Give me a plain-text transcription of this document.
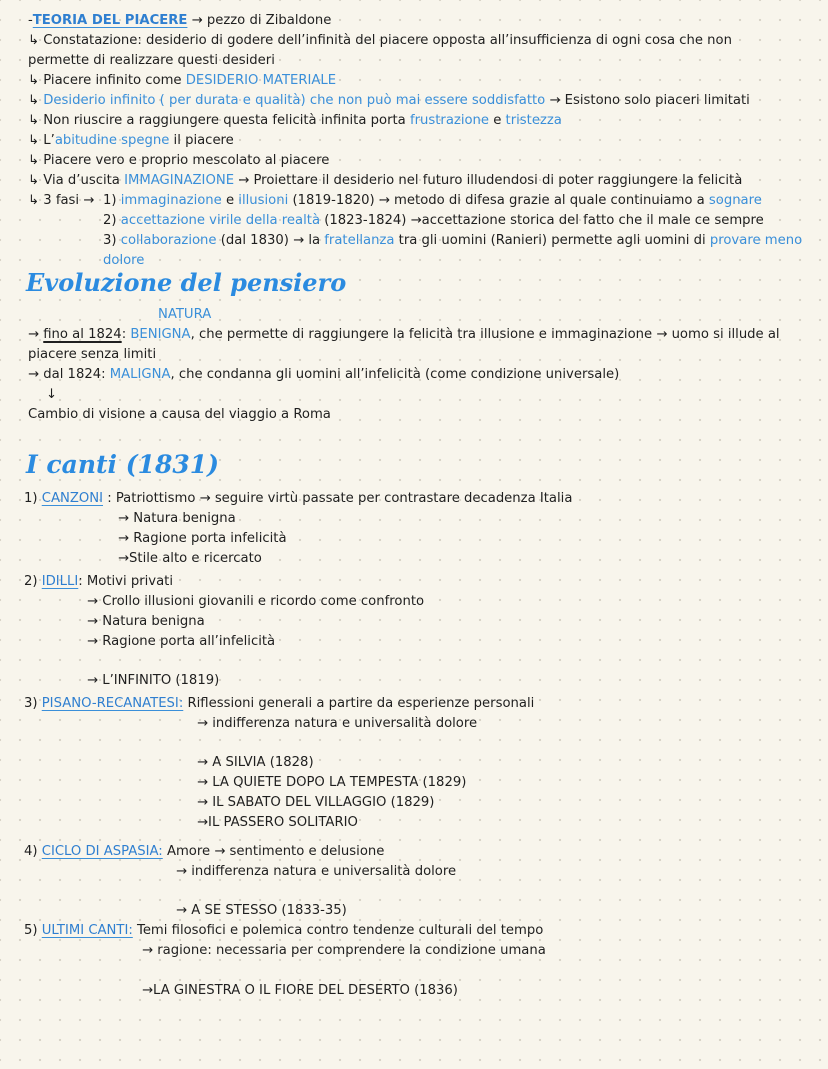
-TEORIA DEL PIACERE → pezzo di Zibaldone
↳ Constatazione: desiderio di godere dell’infinità del piacere opposta all’insufficienza di ogni cosa che non
permette di realizzare questi desideri
↳ Piacere infinito come DESIDERIO MATERIALE
↳ Desiderio infinito ( per durata e qualità) che non può mai essere soddisfatto → Esistono solo piaceri limitati
↳ Non riuscire a raggiungere questa felicità infinita porta frustrazione e tristezza
↳ L’abitudine spegne il piacere
↳ Piacere vero e proprio mescolato al piacere
↳ Via d’uscita IMMAGINAZIONE → Proiettare il desiderio nel futuro illudendosi di poter raggiungere la felicità
↳ 3 fasi → 1) immaginazione e illusioni (1819-1820) → metodo di difesa grazie al quale continuiamo a sognare
2) accettazione virile della realtà (1823-1824) →accettazione storica del fatto che il male ce sempre
3) collaborazione (dal 1830) → la fratellanza tra gli uomini (Ranieri) permette agli uomini di provare meno
dolore
Evoluzione del pensiero
NATURA
→ fino al 1824: BENIGNA, che permette di raggiungere la felicità tra illusione e immaginazione → uomo si illude al
piacere senza limiti
→ dal 1824: MALIGNA, che condanna gli uomini all’infelicità (come condizione universale)
↓
Cambio di visione a causa del viaggio a Roma
I canti (1831)
1) CANZONI : Patriottismo → seguire virtù passate per contrastare decadenza Italia
→ Natura benigna
→ Ragione porta infelicità
→Stile alto e ricercato
2) IDILLI: Motivi privati
→ Crollo illusioni giovanili e ricordo come confronto
→ Natura benigna
→ Ragione porta all’infelicità
→ L’INFINITO (1819)
3) PISANO-RECANATESI: Riflessioni generali a partire da esperienze personali
→ indifferenza natura e universalità dolore
→ A SILVIA (1828)
→ LA QUIETE DOPO LA TEMPESTA (1829)
→ IL SABATO DEL VILLAGGIO (1829)
→IL PASSERO SOLITARIO
4) CICLO DI ASPASIA: Amore → sentimento e delusione
→ indifferenza natura e universalità dolore
→ A SE STESSO (1833-35)
5) ULTIMI CANTI: Temi filosofici e polemica contro tendenze culturali del tempo
→ ragione: necessaria per comprendere la condizione umana
→LA GINESTRA O IL FIORE DEL DESERTO (1836)
